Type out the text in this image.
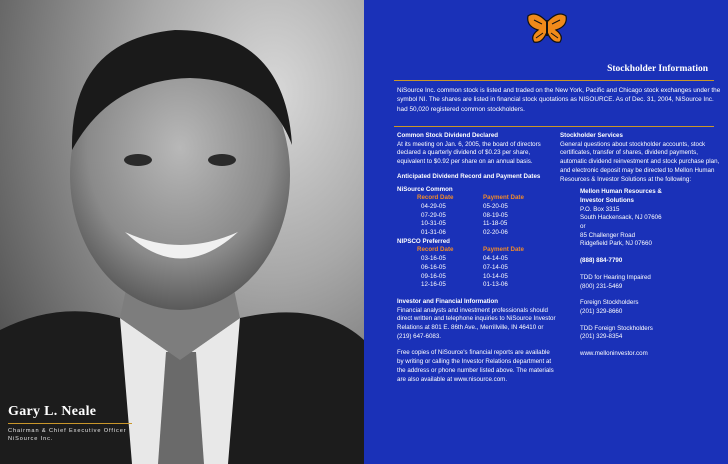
Gary L. Neale
Chairman & Chief Executive Officer
NiSource Inc.
Stockholder Information
NiSource Inc. common stock is listed and traded on the New York, Pacific and Chicago stock exchanges under the symbol NI. The shares are listed in financial stock quotations as NISOURCE. As of Dec. 31, 2004, NiSource Inc. had 50,020 registered common stockholders.

Common Stock Dividend Declared

At its meeting on Jan. 6, 2005, the board of directors declared a quarterly dividend of $0.23 per share, equivalent to $0.92 per share on an annual basis.

Anticipated Dividend Record and Payment Dates

NiSource Common

Record Date	Payment Date
04-29-05	05-20-05
07-29-05	08-19-05
10-31-05	11-18-05
01-31-06	02-20-06

NIPSCO Preferred

Record Date	Payment Date
03-16-05	04-14-05
06-16-05	07-14-05
09-16-05	10-14-05
12-16-05	01-13-06

Investor and Financial Information

Financial analysts and investment professionals should direct written and telephone inquiries to NiSource Investor Relations at 801 E. 86th Ave., Merrillville, IN 46410 or (219) 647-6083.

Free copies of NiSource's financial reports are available by writing or calling the Investor Relations department at the address or phone number listed above. The materials are also available at www.nisource.com.

Stockholder Services

General questions about stockholder accounts, stock certificates, transfer of shares, dividend payments, automatic dividend reinvestment and stock purchase plan, and electronic deposit may be directed to Mellon Human Resources & Investor Solutions at the following:

Mellon Human Resources &

Investor Solutions

P.O. Box 3315

South Hackensack, NJ 07606

or

85 Challenger Road

Ridgefield Park, NJ 07660

(888) 884-7790

TDD for Hearing Impaired

(800) 231-5469

Foreign Stockholders

(201) 329-8660

TDD Foreign Stockholders

(201) 329-8354

www.melloninvestor.com
